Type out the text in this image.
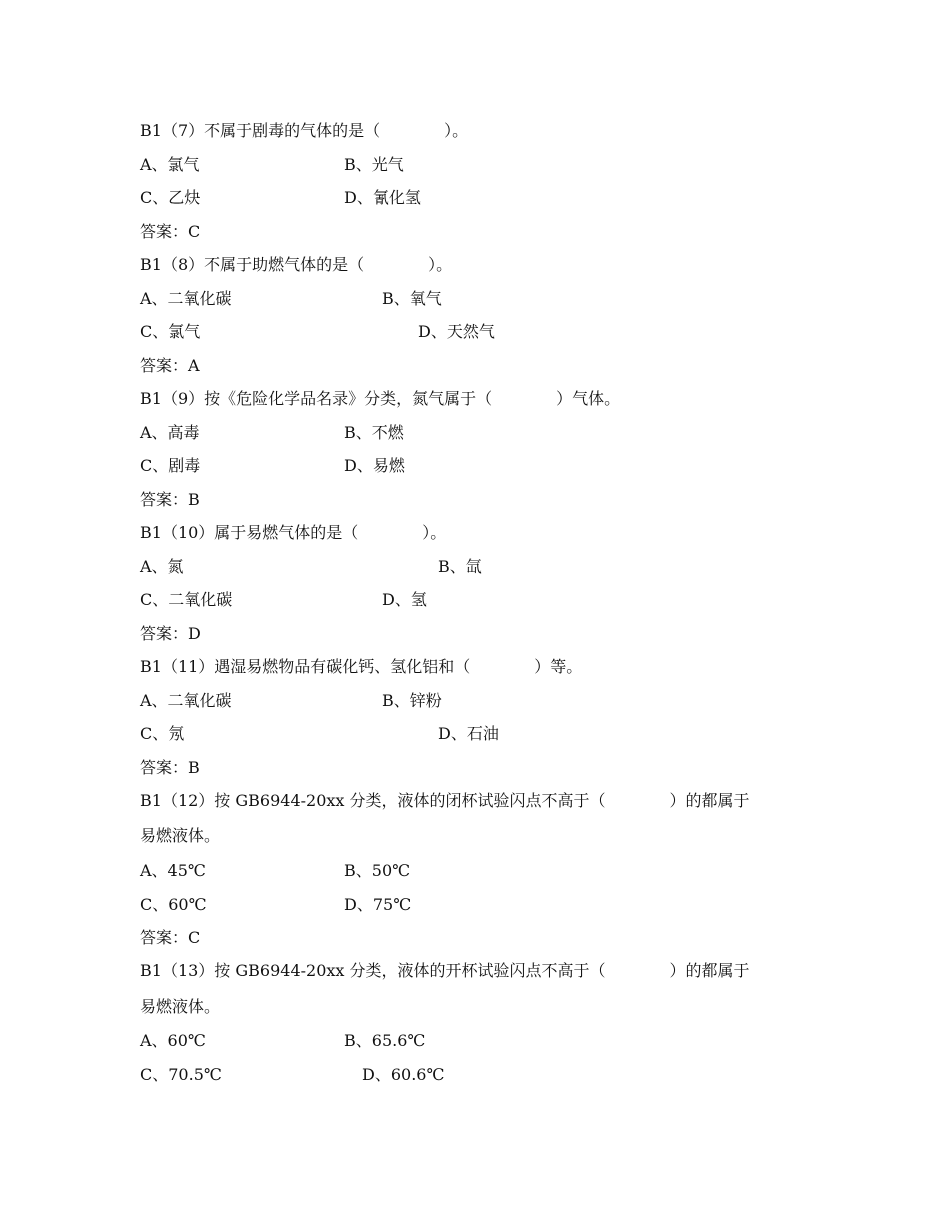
B1（7）不属于剧毒的气体的是（　　　　）。
A、氯气	B、光气
C、乙炔	D、氰化氢
答案：C
B1（8）不属于助燃气体的是（　　　　）。
A、二氧化碳	B、氧气
C、氯气	D、天然气
答案：A
B1（9）按《危险化学品名录》分类，氮气属于（　　　　）气体。
A、高毒	B、不燃
C、剧毒	D、易燃
答案：B
B1（10）属于易燃气体的是（　　　　）。
A、氮	B、氙
C、二氧化碳	D、氢
答案：D
B1（11）遇湿易燃物品有碳化钙、氢化铝和（　　　　）等。
A、二氧化碳	B、锌粉
C、氖	D、石油
答案：B
B1（12）按 GB6944-20xx 分类，液体的闭杯试验闪点不高于（　　　　）的都属于
易燃液体。
A、45℃	B、50℃
C、60℃	D、75℃
答案：C
B1（13）按 GB6944-20xx 分类，液体的开杯试验闪点不高于（　　　　）的都属于
易燃液体。
A、60℃	B、65.6℃
C、70.5℃	D、60.6℃
